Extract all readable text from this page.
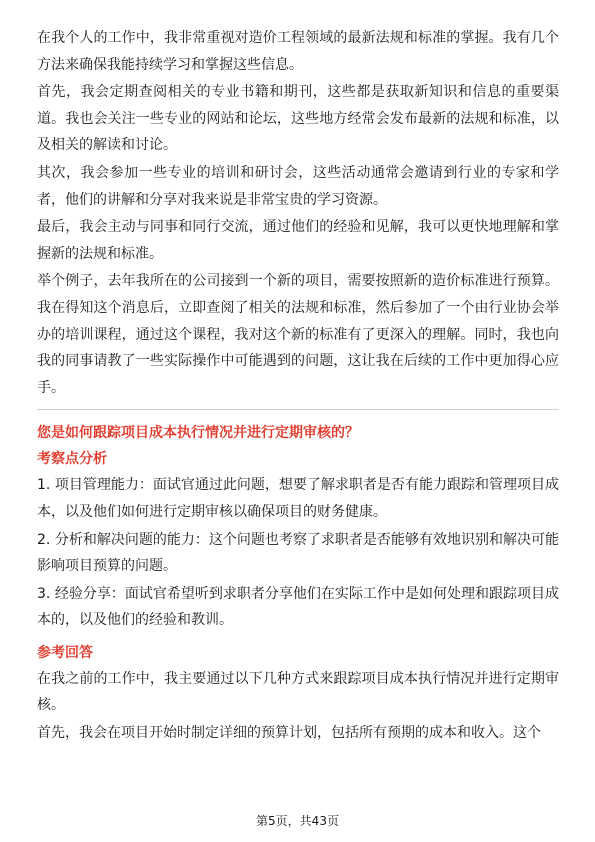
在我个人的工作中，我非常重视对造价工程领域的最新法规和标准的掌握。我有几个方法来确保我能持续学习和掌握这些信息。

首先，我会定期查阅相关的专业书籍和期刊，这些都是获取新知识和信息的重要渠道。我也会关注一些专业的网站和论坛，这些地方经常会发布最新的法规和标准，以及相关的解读和讨论。

其次，我会参加一些专业的培训和研讨会，这些活动通常会邀请到行业的专家和学者，他们的讲解和分享对我来说是非常宝贵的学习资源。

最后，我会主动与同事和同行交流，通过他们的经验和见解，我可以更快地理解和掌握新的法规和标准。

举个例子，去年我所在的公司接到一个新的项目，需要按照新的造价标准进行预算。我在得知这个消息后，立即查阅了相关的法规和标准，然后参加了一个由行业协会举办的培训课程，通过这个课程，我对这个新的标准有了更深入的理解。同时，我也向我的同事请教了一些实际操作中可能遇到的问题，这让我在后续的工作中更加得心应手。

您是如何跟踪项目成本执行情况并进行定期审核的？

考察点分析

1. 项目管理能力：面试官通过此问题，想要了解求职者是否有能力跟踪和管理项目成本，以及他们如何进行定期审核以确保项目的财务健康。

2. 分析和解决问题的能力：这个问题也考察了求职者是否能够有效地识别和解决可能影响项目预算的问题。

3. 经验分享：面试官希望听到求职者分享他们在实际工作中是如何处理和跟踪项目成本的，以及他们的经验和教训。

参考回答

在我之前的工作中，我主要通过以下几种方式来跟踪项目成本执行情况并进行定期审核。

首先，我会在项目开始时制定详细的预算计划，包括所有预期的成本和收入。这个

第5页，共43页
